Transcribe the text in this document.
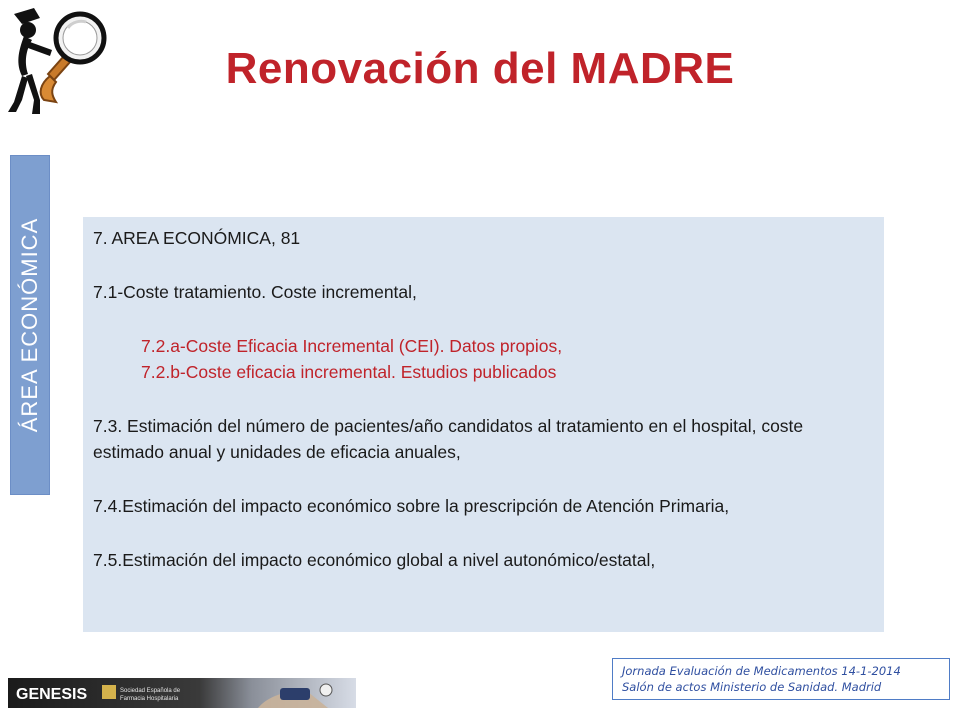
Renovación del MADRE
ÁREA ECONÓMICA	7. AREA ECONÓMICA, 81

7.1-Coste tratamiento. Coste incremental,

7.2.a-Coste Eficacia Incremental (CEI). Datos propios,

7.2.b-Coste eficacia incremental. Estudios publicados

7.3. Estimación del número de pacientes/año candidatos al tratamiento en el hospital, coste estimado anual y unidades de eficacia anuales,

7.4.Estimación del impacto económico sobre la prescripción de Atención Primaria,

7.5.Estimación del impacto económico global a nivel autonómico/estatal,

GENESIS	Sociedad Española de
Farmacia Hospitalaria
Jornada Evaluación de Medicamentos 14-1-2014
Salón de actos Ministerio de Sanidad. Madrid
